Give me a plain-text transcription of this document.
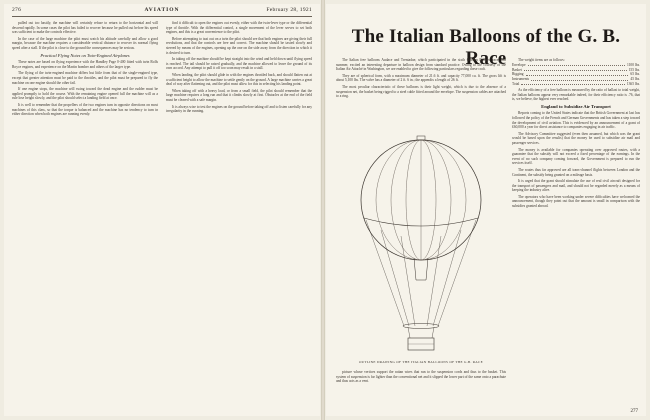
276	AVIATION	February 28, 1921

pulled out too hastily, the machine will certainly refuse to return to the horizontal and will descend rapidly. In some cases the pilot has failed to recover because he pulled out before his speed was sufficient to make the controls effective.

In the case of the large machine the pilot must watch his altitude carefully and allow a good margin, because the machine requires a considerable vertical distance to recover its normal flying speed after a stall. If the pilot is close to the ground the consequences may be serious.

Practical Flying Notes on Twin-Engined Airplanes

These notes are based on flying experience with the Handley Page 0-400 fitted with twin Rolls Royce engines, and experience on the Martin bomber and others of the larger type.

The flying of the twin-engined machine differs but little from that of the single-engined type, except that greater attention must be paid to the throttles, and the pilot must be prepared to fly the machine on one engine should the other fail.

If one engine stops, the machine will swing toward the dead engine and the rudder must be applied promptly to hold the course. With the remaining engine opened full the machine will as a rule lose height slowly, and the pilot should select a landing field at once.

It is well to remember that the propellers of the two engines turn in opposite directions on most machines of this class, so that the torque is balanced and the machine has no tendency to turn in either direction when both engines are running evenly.

find it difficult to open the engines out evenly, either with the twin-lever type or the differential type of throttle. With the differential control, a single movement of the lever serves to set both engines, and this is a great convenience to the pilot.

Before attempting to taxi out on a twin the pilot should see that both engines are giving their full revolutions, and that the controls are free and correct. The machine should be taxied slowly and steered by means of the engines, opening up the one on the side away from the direction in which it is desired to turn.

In taking off the machine should be kept straight into the wind and held down until flying speed is reached. The tail should be raised gradually, and the machine allowed to leave the ground of its own accord. Any attempt to pull it off too soon may result in a stall.

When landing, the pilot should glide in with the engines throttled back, and should flatten out at a sufficient height to allow the machine to settle gently on the ground. A large machine carries a great deal of way after flattening out, and the pilot must allow for this in selecting his landing point.

When taking off with a heavy load, or from a small field, the pilot should remember that the large machine requires a long run and that it climbs slowly at first. Obstacles at the end of the field must be cleared with a safe margin.

It is always wise to test the engines on the ground before taking off and to listen carefully for any irregularity in the running.

The Italian Balloons of the G. B. Race

The Italian free balloons Audace and Trentadue, which participated in the sixth Gordon Bennett race, last summer, excited an interesting departure in balloon design from standard practice. Owing to the courtesy of the Italian Air Attaché in Washington, we are enabled to give the following particulars regarding these craft.

They are of spherical form, with a maximum diameter of 21.6 ft. and capacity 77,000 cu. ft. The gross lift is about 5,100 lbs. The valve has a diameter of 2 ft. 6 in.; the appendix a length of 26 ft.

The most peculiar characteristic of these balloons is their light weight, which is due to the absence of a suspension net, the basket being rigged to a steel cable fitted around the envelope. The suspension cables are attached to a ring.

OUTLINE DRAWING OF THE ITALIAN BALLOONS OF THE G.B. RACE

picture whose vertices support the rattan wires that run to the suspension cords and thus to the basket. This system of suspension is far lighter than the conventional net and it slipped the lower part of the same onto a parachute and thus acts as a vent.

The weight items are as follows:
Envelope	1100 lbs.
Basket	155 lbs.
Rigging	65 lbs.
Instruments	45 lbs.
Total	1365 lbs.

As the efficiency of a free balloon is measured by the ratio of ballast to total weight, the Italian balloons appear very remarkable indeed, for their efficiency ratio is .76, that is, we believe, the highest ever reached.

England to Subsidize Air Transport

Reports coming to the United States indicate that the British Government at last has followed the policy of the French and German Governments and has taken a step toward the development of civil aviation. This is evidenced by an announcement of a grant of £60,000 a year for direct assistance to companies engaging in air traffic.

The Advisory Committee suggested (even then assumed, but which was the grant would be based upon the results) that the money be used to subsidize air mail and passenger services.

The money is available for companies operating over approved routes, with a guarantee that the subsidy will not exceed a fixed percentage of the earnings. In the event of no such company coming forward, the Government is prepared to run the services itself.

The routes thus far approved are all trans-channel flights between London and the Continent, the subsidy being granted on a mileage basis.

It is urged that the grant should stimulate the use of real civil aircraft designed for the transport of passengers and mail, and should not be regarded merely as a means of keeping the industry alive.

The operators who have been working under severe difficulties have welcomed the announcement, though they point out that the amount is small in comparison with the subsidies granted abroad.

277
